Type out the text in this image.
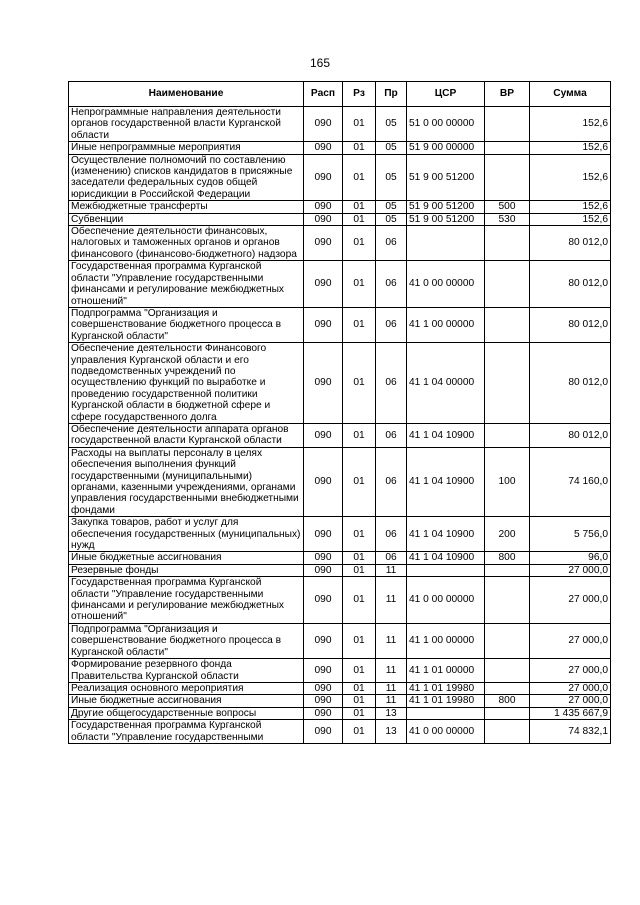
165
Наименование	Расп	Рз	Пр	ЦСР	ВР	Сумма
Непрограммные направления деятельности органов государственной власти Курганской области	090	01	05	51 0 00 00000		152,6
Иные непрограммные мероприятия	090	01	05	51 9 00 00000		152,6
Осуществление полномочий по составлению (изменению) списков кандидатов в присяжные заседатели федеральных судов общей юрисдикции в Российской Федерации	090	01	05	51 9 00 51200		152,6
Межбюджетные трансферты	090	01	05	51 9 00 51200	500	152,6
Субвенции	090	01	05	51 9 00 51200	530	152,6
Обеспечение деятельности финансовых, налоговых и таможенных органов и органов финансового (финансово-бюджетного) надзора	090	01	06			80 012,0
Государственная программа Курганской области "Управление государственными финансами и регулирование межбюджетных отношений"	090	01	06	41 0 00 00000		80 012,0
Подпрограмма "Организация и совершенствование бюджетного процесса в Курганской области"	090	01	06	41 1 00 00000		80 012,0
Обеспечение деятельности Финансового управления Курганской области и его подведомственных учреждений по осуществлению функций по выработке и проведению государственной политики Курганской области в бюджетной сфере и сфере государственного долга	090	01	06	41 1 04 00000		80 012,0
Обеспечение деятельности аппарата органов государственной власти Курганской области	090	01	06	41 1 04 10900		80 012,0
Расходы на выплаты персоналу в целях обеспечения выполнения функций государственными (муниципальными) органами, казенными учреждениями, органами управления государственными внебюджетными фондами	090	01	06	41 1 04 10900	100	74 160,0
Закупка товаров, работ и услуг для обеспечения государственных (муниципальных) нужд	090	01	06	41 1 04 10900	200	5 756,0
Иные бюджетные ассигнования	090	01	06	41 1 04 10900	800	96,0
Резервные фонды	090	01	11			27 000,0
Государственная программа Курганской области "Управление государственными финансами и регулирование межбюджетных отношений"	090	01	11	41 0 00 00000		27 000,0
Подпрограмма "Организация и совершенствование бюджетного процесса в Курганской области"	090	01	11	41 1 00 00000		27 000,0
Формирование резервного фонда Правительства Курганской области	090	01	11	41 1 01 00000		27 000,0
Реализация основного мероприятия	090	01	11	41 1 01 19980		27 000,0
Иные бюджетные ассигнования	090	01	11	41 1 01 19980	800	27 000,0
Другие общегосударственные вопросы	090	01	13			1 435 667,9
Государственная программа Курганской области "Управление государственными	090	01	13	41 0 00 00000		74 832,1
